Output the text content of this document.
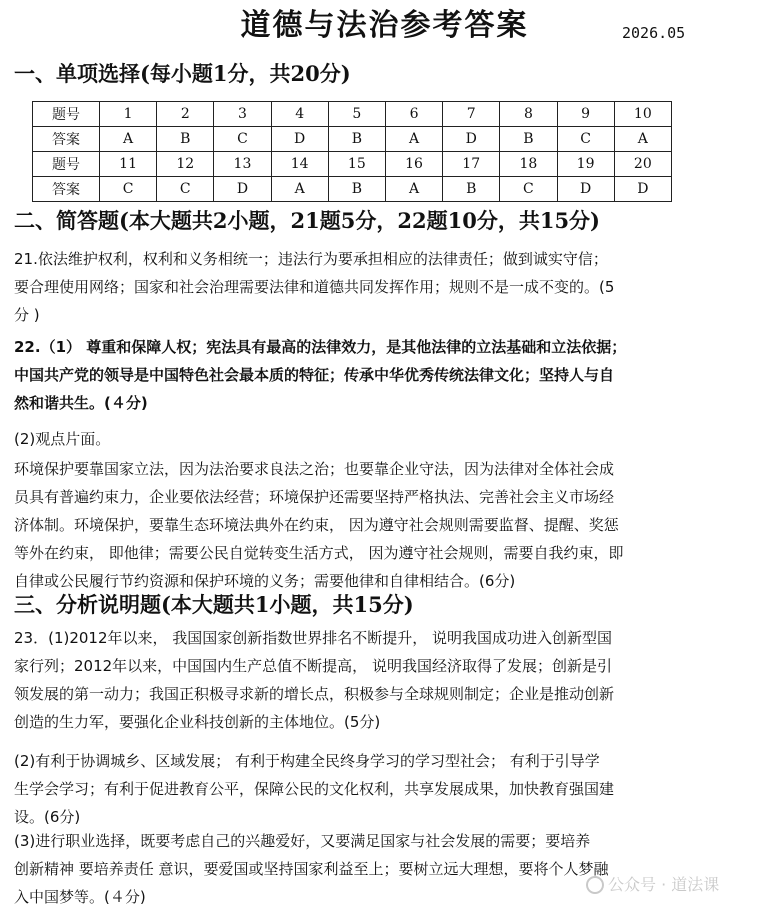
道德与法治参考答案	2026.05
一、单项选择(每小题1分，共20分)
题号	1	2	3	4	5	6	7	8	9	10
答案	A	B	C	D	B	A	D	B	C	A
题号	11	12	13	14	15	16	17	18	19	20
答案	C	C	D	A	B	A	B	C	D	D
二、简答题(本大题共2小题，21题5分，22题10分，共15分)
21.依法维护权利，权利和义务相统一；违法行为要承担相应的法律责任；做到诚实守信；
要合理使用网络；国家和社会治理需要法律和道德共同发挥作用；规则不是一成不变的。(5
分 )
22.（1） 尊重和保障人权；宪法具有最高的法律效力，是其他法律的立法基础和立法依据；
中国共产党的领导是中国特色社会最本质的特征；传承中华优秀传统法律文化；坚持人与自
然和谐共生。(４分)
(2)观点片面。
环境保护要靠国家立法，因为法治要求良法之治；也要靠企业守法，因为法律对全体社会成
员具有普遍约束力，企业要依法经营；环境保护还需要坚持严格执法、完善社会主义市场经
济体制。环境保护，要靠生态环境法典外在约束， 因为遵守社会规则需要监督、提醒、奖惩
等外在约束， 即他律；需要公民自觉转变生活方式， 因为遵守社会规则，需要自我约束，即
自律或公民履行节约资源和保护环境的义务；需要他律和自律相结合。(6分)
三、分析说明题(本大题共1小题，共15分)
23．(1)2012年以来， 我国国家创新指数世界排名不断提升， 说明我国成功进入创新型国
家行列；2012年以来，中国国内生产总值不断提高， 说明我国经济取得了发展；创新是引
领发展的第一动力；我国正积极寻求新的增长点，积极参与全球规则制定；企业是推动创新
创造的生力军，要强化企业科技创新的主体地位。(5分)
(2)有利于协调城乡、区域发展； 有利于构建全民终身学习的学习型社会； 有利于引导学
生学会学习；有利于促进教育公平，保障公民的文化权利，共享发展成果，加快教育强国建
设。(6分)
(3)进行职业选择，既要考虑自己的兴趣爱好，又要满足国家与社会发展的需要；要培养
创新精神 要培养责任 意识，要爱国或坚持国家利益至上；要树立远大理想，要将个人梦融
入中国梦等。(４分)
公众号 · 道法课
